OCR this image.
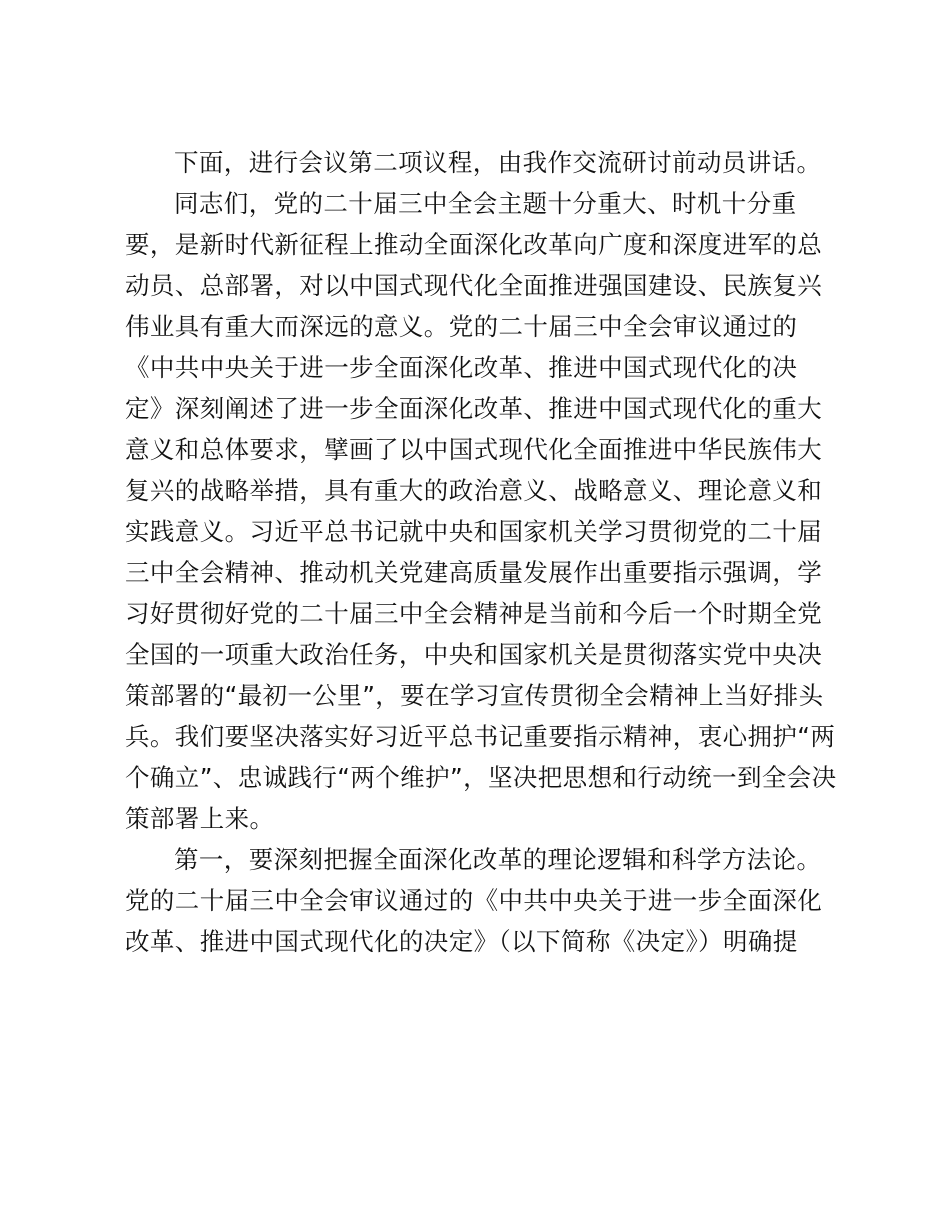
下面，进行会议第二项议程，由我作交流研讨前动员讲话。
同志们，党的二十届三中全会主题十分重大、时机十分重
要，是新时代新征程上推动全面深化改革向广度和深度进军的总
动员、总部署，对以中国式现代化全面推进强国建设、民族复兴
伟业具有重大而深远的意义。党的二十届三中全会审议通过的
《中共中央关于进一步全面深化改革、推进中国式现代化的决
定》深刻阐述了进一步全面深化改革、推进中国式现代化的重大
意义和总体要求，擘画了以中国式现代化全面推进中华民族伟大
复兴的战略举措，具有重大的政治意义、战略意义、理论意义和
实践意义。习近平总书记就中央和国家机关学习贯彻党的二十届
三中全会精神、推动机关党建高质量发展作出重要指示强调，学
习好贯彻好党的二十届三中全会精神是当前和今后一个时期全党
全国的一项重大政治任务，中央和国家机关是贯彻落实党中央决
策部署的“最初一公里”，要在学习宣传贯彻全会精神上当好排头
兵。我们要坚决落实好习近平总书记重要指示精神，衷心拥护“两
个确立”、忠诚践行“两个维护”，坚决把思想和行动统一到全会决
策部署上来。
第一，要深刻把握全面深化改革的理论逻辑和科学方法论。
党的二十届三中全会审议通过的《中共中央关于进一步全面深化
改革、推进中国式现代化的决定》（以下简称《决定》）明确提
